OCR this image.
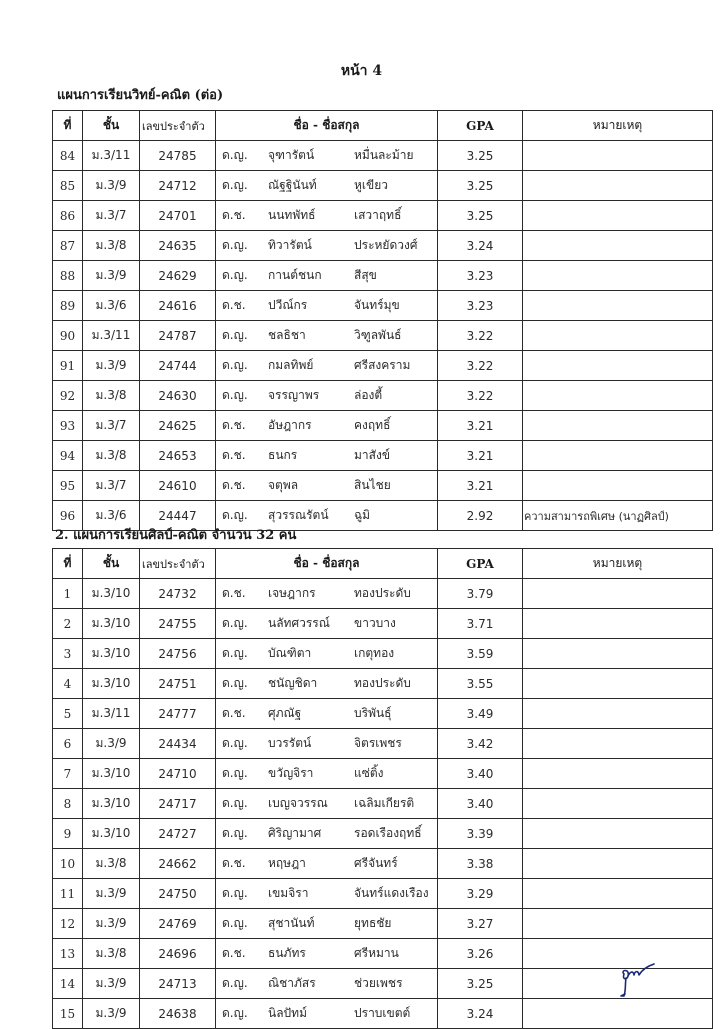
หน้า 4
แผนการเรียนวิทย์-คณิต (ต่อ)
ที่	ชั้น	เลขประจำตัว	ชื่อ - ชื่อสกุล	GPA	หมายเหตุ
84	ม.3/11	24785	ด.ญ. จุฑารัตน์ หมื่นละม้าย	3.25	
85	ม.3/9	24712	ด.ญ. ณัฐฐินันท์ หูเขียว	3.25	
86	ม.3/7	24701	ด.ช. นนทพัทธ์ เสวาฤทธิ์	3.25	
87	ม.3/8	24635	ด.ญ. ทิวารัตน์ ประหยัดวงศ์	3.24	
88	ม.3/9	24629	ด.ญ. กานต์ชนก สีสุข	3.23	
89	ม.3/6	24616	ด.ช. ปวีณ์กร จันทร์มุข	3.23	
90	ม.3/11	24787	ด.ญ. ชลธิชา วิฑูลพันธ์	3.22	
91	ม.3/9	24744	ด.ญ. กมลทิพย์ ศรีสงคราม	3.22	
92	ม.3/8	24630	ด.ญ. จรรญาพร ล่องตี้	3.22	
93	ม.3/7	24625	ด.ช. อัษฎากร คงฤทธิ์	3.21	
94	ม.3/8	24653	ด.ช. ธนกร มาสังข์	3.21	
95	ม.3/7	24610	ด.ช. จตุพล สินไชย	3.21	
96	ม.3/6	24447	ด.ญ. สุวรรณรัตน์ ฉูมิ	2.92	ความสามารถพิเศษ (นาฏศิลป์)
2. แผนการเรียนศิลป์-คณิต จำนวน 32 คน
ที่	ชั้น	เลขประจำตัว	ชื่อ - ชื่อสกุล	GPA	หมายเหตุ
1	ม.3/10	24732	ด.ช. เจษฎากร ทองประดับ	3.79	
2	ม.3/10	24755	ด.ญ. นลัทศวรรณ์ ขาวบาง	3.71	
3	ม.3/10	24756	ด.ญ. บัณฑิตา เกตุทอง	3.59	
4	ม.3/10	24751	ด.ญ. ชนัญชิดา ทองประดับ	3.55	
5	ม.3/11	24777	ด.ช. ศุภณัฐ บริพันธุ์	3.49	
6	ม.3/9	24434	ด.ญ. บวรรัตน์ จิตรเพชร	3.42	
7	ม.3/10	24710	ด.ญ. ขวัญจิรา แซ่ติ้ง	3.40	
8	ม.3/10	24717	ด.ญ. เบญจวรรณ เฉลิมเกียรติ	3.40	
9	ม.3/10	24727	ด.ญ. ศิริญามาศ รอดเรืองฤทธิ์	3.39	
10	ม.3/8	24662	ด.ช. หฤษฎา ศรีจันทร์	3.38	
11	ม.3/9	24750	ด.ญ. เขมจิรา จันทร์แดงเรือง	3.29	
12	ม.3/9	24769	ด.ญ. สุชานันท์ ยุทธชัย	3.27	
13	ม.3/8	24696	ด.ช. ธนภัทร ศรีหมาน	3.26	
14	ม.3/9	24713	ด.ญ. ณิชาภัสร ช่วยเพชร	3.25	
15	ม.3/9	24638	ด.ญ. นิลปัทม์ ปราบเขตต์	3.24	
